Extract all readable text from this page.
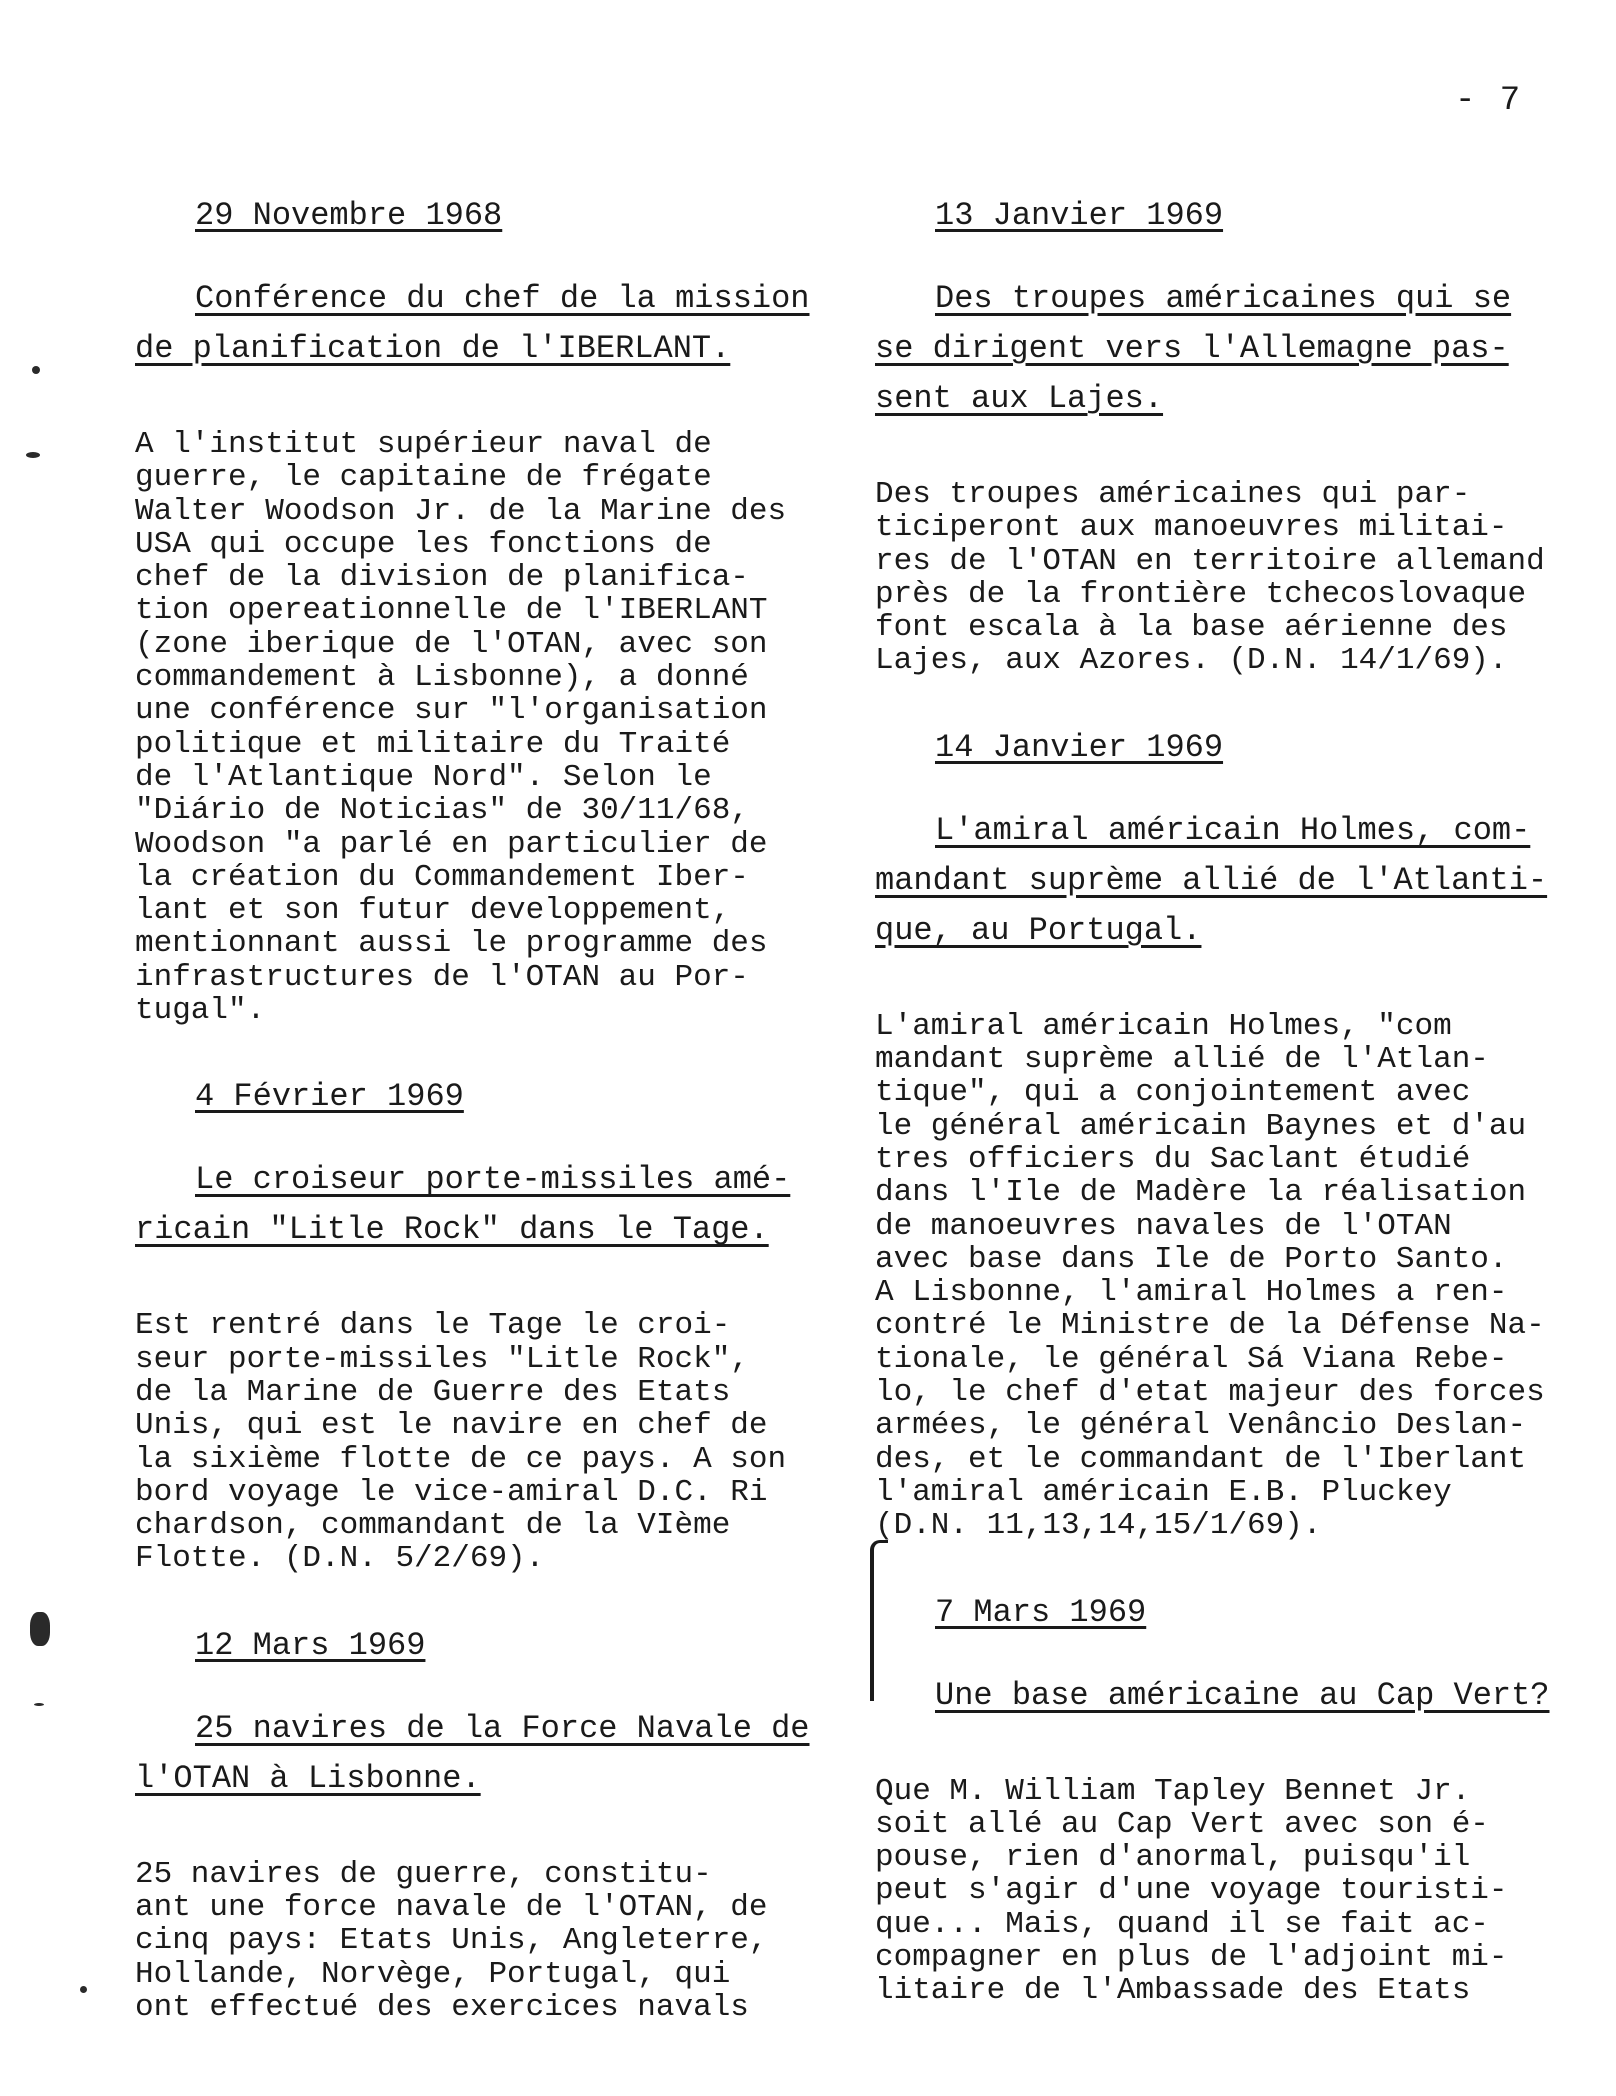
- 7
29 Novembre 1968

Conférence du chef de la mission
de planification de l'IBERLANT.

A l'institut supérieur naval de
guerre, le capitaine de frégate
Walter Woodson Jr. de la Marine des
USA qui occupe les fonctions de
chef de la division de planifica-
tion opereationnelle de l'IBERLANT
(zone iberique de l'OTAN, avec son
commandement à Lisbonne), a donné
une conférence sur "l'organisation
politique et militaire du Traité
de l'Atlantique Nord". Selon le
"Diário de Noticias" de 30/11/68,
Woodson "a parlé en particulier de
la création du Commandement Iber-
lant et son futur developpement,
mentionnant aussi le programme des
infrastructures de l'OTAN au Por-
tugal".

4 Février 1969

Le croiseur porte-missiles amé-
ricain "Litle Rock" dans le Tage.

Est rentré dans le Tage le croi-
seur porte-missiles "Litle Rock",
de la Marine de Guerre des Etats
Unis, qui est le navire en chef de
la sixième flotte de ce pays. A son
bord voyage le vice-amiral D.C. Ri
chardson, commandant de la VIème
Flotte. (D.N. 5/2/69).

12 Mars 1969

25 navires de la Force Navale de
l'OTAN à Lisbonne.

25 navires de guerre, constitu-
ant une force navale de l'OTAN, de
cinq pays: Etats Unis, Angleterre,
Hollande, Norvège, Portugal, qui
ont effectué des exercices navals

13 Janvier 1969

Des troupes américaines qui se
se dirigent vers l'Allemagne pas-
sent aux Lajes.

Des troupes américaines qui par-
ticiperont aux manoeuvres militai-
res de l'OTAN en territoire allemand
près de la frontière tchecoslovaque
font escala à la base aérienne des
Lajes, aux Azores. (D.N. 14/1/69).

14 Janvier 1969

L'amiral américain Holmes, com-
mandant suprème allié de l'Atlanti-
que, au Portugal.

L'amiral américain Holmes, "com
mandant suprème allié de l'Atlan-
tique", qui a conjointement avec
le général américain Baynes et d'au
tres officiers du Saclant étudié
dans l'Ile de Madère la réalisation
de manoeuvres navales de l'OTAN
avec base dans Ile de Porto Santo.
A Lisbonne, l'amiral Holmes a ren-
contré le Ministre de la Défense Na-
tionale, le général Sá Viana Rebe-
lo, le chef d'etat majeur des forces
armées, le général Venâncio Deslan-
des, et le commandant de l'Iberlant
l'amiral américain E.B. Pluckey
(D.N. 11,13,14,15/1/69).

7 Mars 1969

Une base américaine au Cap Vert?

Que M. William Tapley Bennet Jr.
soit allé au Cap Vert avec son é-
pouse, rien d'anormal, puisqu'il
peut s'agir d'une voyage touristi-
que... Mais, quand il se fait ac-
compagner en plus de l'adjoint mi-
litaire de l'Ambassade des Etats
